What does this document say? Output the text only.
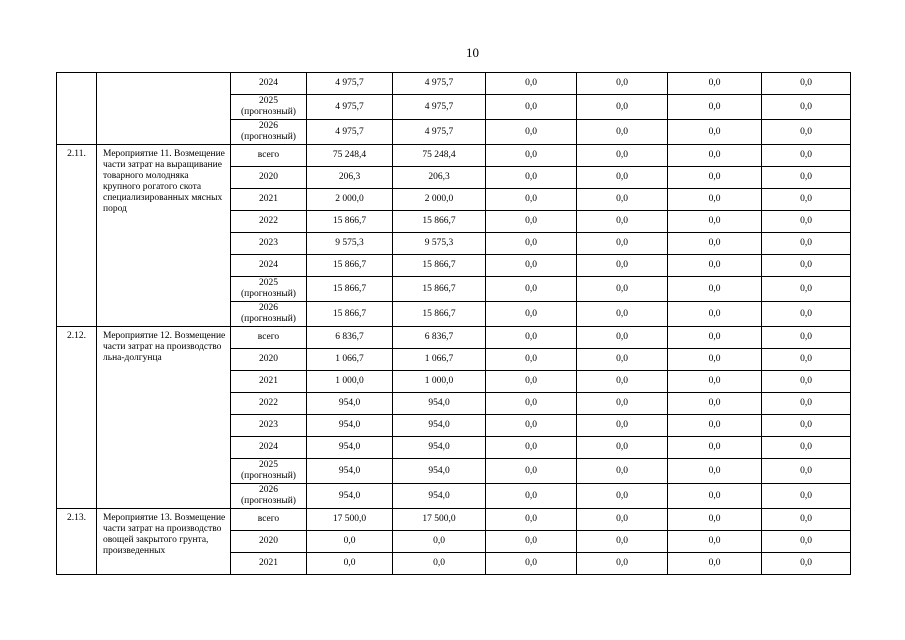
10
		2024	4 975,7	4 975,7	0,0	0,0	0,0	0,0
		2025 (прогнозный)	4 975,7	4 975,7	0,0	0,0	0,0	0,0
		2026 (прогнозный)	4 975,7	4 975,7	0,0	0,0	0,0	0,0
2.11.	Мероприятие 11. Возмещение части затрат на выращивание товарного молодняка крупного рогатого скота специализированных мясных пород	всего	75 248,4	75 248,4	0,0	0,0	0,0	0,0
		2020	206,3	206,3	0,0	0,0	0,0	0,0
		2021	2 000,0	2 000,0	0,0	0,0	0,0	0,0
		2022	15 866,7	15 866,7	0,0	0,0	0,0	0,0
		2023	9 575,3	9 575,3	0,0	0,0	0,0	0,0
		2024	15 866,7	15 866,7	0,0	0,0	0,0	0,0
		2025 (прогнозный)	15 866,7	15 866,7	0,0	0,0	0,0	0,0
		2026 (прогнозный)	15 866,7	15 866,7	0,0	0,0	0,0	0,0
2.12.	Мероприятие 12. Возмещение части затрат на производство льна-долгунца	всего	6 836,7	6 836,7	0,0	0,0	0,0	0,0
		2020	1 066,7	1 066,7	0,0	0,0	0,0	0,0
		2021	1 000,0	1 000,0	0,0	0,0	0,0	0,0
		2022	954,0	954,0	0,0	0,0	0,0	0,0
		2023	954,0	954,0	0,0	0,0	0,0	0,0
		2024	954,0	954,0	0,0	0,0	0,0	0,0
		2025 (прогнозный)	954,0	954,0	0,0	0,0	0,0	0,0
		2026 (прогнозный)	954,0	954,0	0,0	0,0	0,0	0,0
2.13.	Мероприятие 13. Возмещение части затрат на производство овощей закрытого грунта, произведенных	всего	17 500,0	17 500,0	0,0	0,0	0,0	0,0
		2020	0,0	0,0	0,0	0,0	0,0	0,0
		2021	0,0	0,0	0,0	0,0	0,0	0,0
